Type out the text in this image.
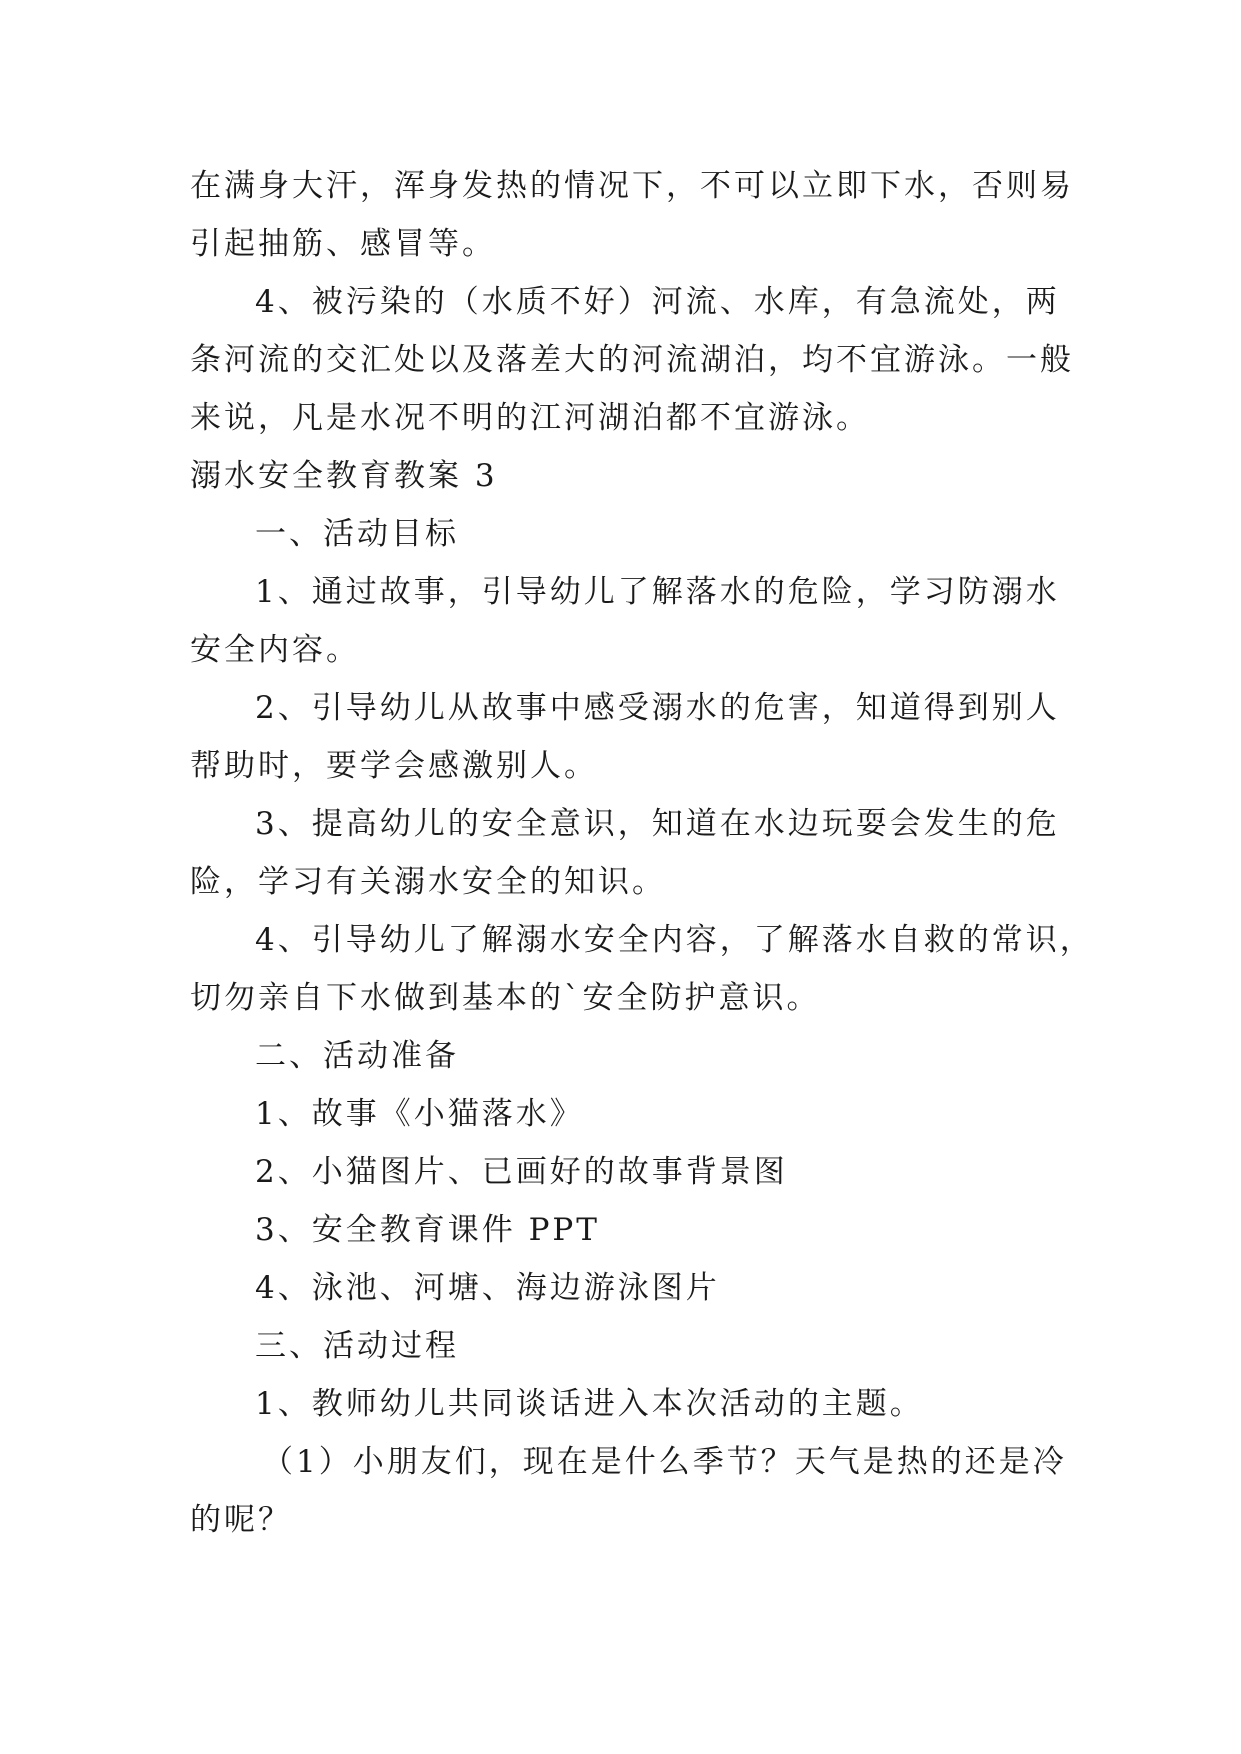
在满身大汗，浑身发热的情况下，不可以立即下水，否则易
引起抽筋、感冒等。
4、被污染的（水质不好）河流、水库，有急流处，两
条河流的交汇处以及落差大的河流湖泊，均不宜游泳。一般
来说，凡是水况不明的江河湖泊都不宜游泳。
溺水安全教育教案 3
一、活动目标
1、通过故事，引导幼儿了解落水的危险，学习防溺水
安全内容。
2、引导幼儿从故事中感受溺水的危害，知道得到别人
帮助时，要学会感激别人。
3、提高幼儿的安全意识，知道在水边玩耍会发生的危
险，学习有关溺水安全的知识。
4、引导幼儿了解溺水安全内容，了解落水自救的常识，
切勿亲自下水做到基本的`安全防护意识。
二、活动准备
1、故事《小猫落水》
2、小猫图片、已画好的故事背景图
3、安全教育课件 PPT
4、泳池、河塘、海边游泳图片
三、活动过程
1、教师幼儿共同谈话进入本次活动的主题。
（1）小朋友们，现在是什么季节？天气是热的还是冷
的呢？
